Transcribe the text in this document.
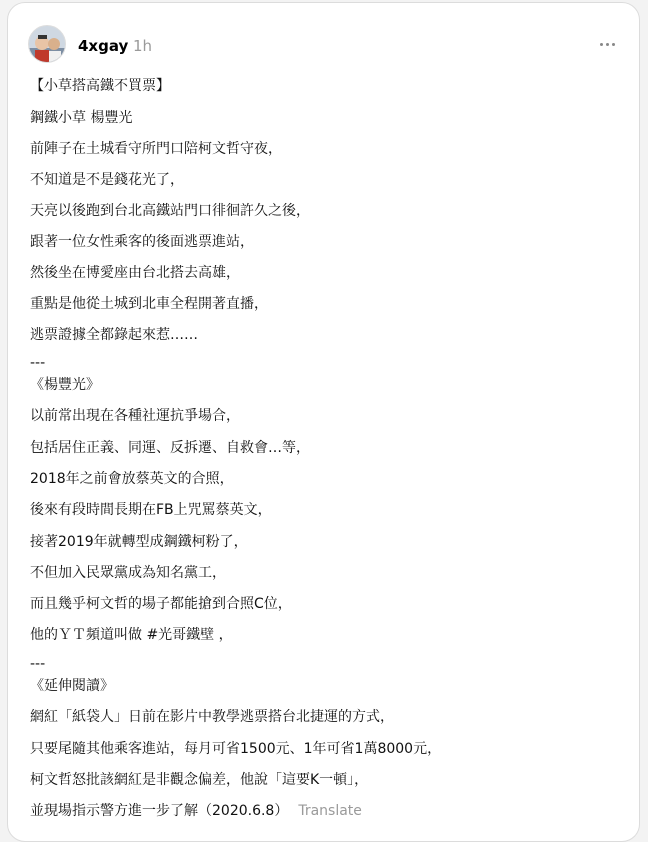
4xgay 1h
【小草搭高鐵不買票】
鋼鐵小草 楊豐光
前陣子在土城看守所門口陪柯文哲守夜，
不知道是不是錢花光了，
天亮以後跑到台北高鐵站門口徘徊許久之後，
跟著一位女性乘客的後面逃票進站，
然後坐在博愛座由台北搭去高雄，
重點是他從土城到北車全程開著直播，
逃票證據全都錄起來惹……
---
《楊豐光》
以前常出現在各種社運抗爭場合，
包括居住正義、同運、反拆遷、自救會…等，
2018年之前會放蔡英文的合照，
後來有段時間長期在FB上咒罵蔡英文，
接著2019年就轉型成鋼鐵柯粉了，
不但加入民眾黨成為知名黨工，
而且幾乎柯文哲的場子都能搶到合照C位，
他的ＹＴ頻道叫做 #光哥鐵壁 ，
---
《延伸閱讀》
網紅「紙袋人」日前在影片中教學逃票搭台北捷運的方式，
只要尾隨其他乘客進站，每月可省1500元、1年可省1萬8000元，
柯文哲怒批該網紅是非觀念偏差，他說「這要K一頓」，
並現場指示警方進一步了解（2020.6.8） Translate
